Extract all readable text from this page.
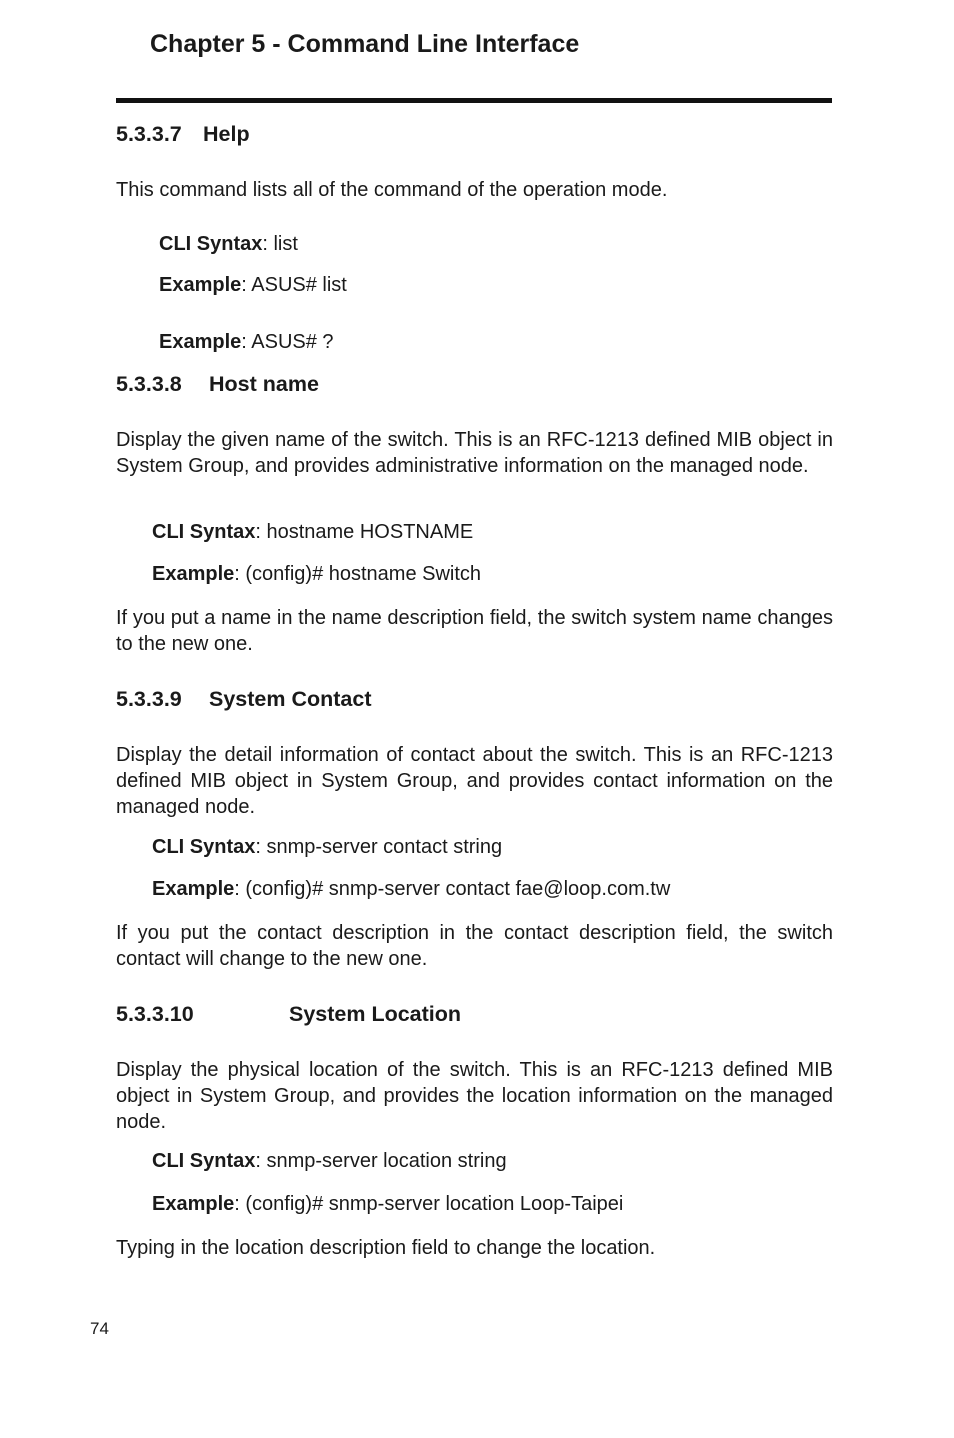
Chapter 5 - Command Line Interface
5.3.3.7 Help
This command lists all of the command of the operation mode.
CLI Syntax: list
Example: ASUS# list
Example: ASUS# ?
5.3.3.8 Host name
Display the given name of the switch. This is an RFC-1213 defined MIB object in System Group, and provides administrative information on the managed node.
CLI Syntax: hostname HOSTNAME
Example: (config)# hostname Switch
If you put a name in the name description field, the switch system name changes to the new one.
5.3.3.9 System Contact
Display the detail information of contact about the switch. This is an RFC-1213 defined MIB object in System Group, and provides contact information on the managed node.
CLI Syntax: snmp-server contact string
Example: (config)# snmp-server contact fae@loop.com.tw
If you put the contact description in the contact description field, the switch contact will change to the new one.
5.3.3.10	System Location
Display the physical location of the switch. This is an RFC-1213 defined MIB object in System Group, and provides the location information on the managed node.
CLI Syntax: snmp-server location string
Example: (config)# snmp-server location Loop-Taipei
Typing in the location description field to change the location.
74
